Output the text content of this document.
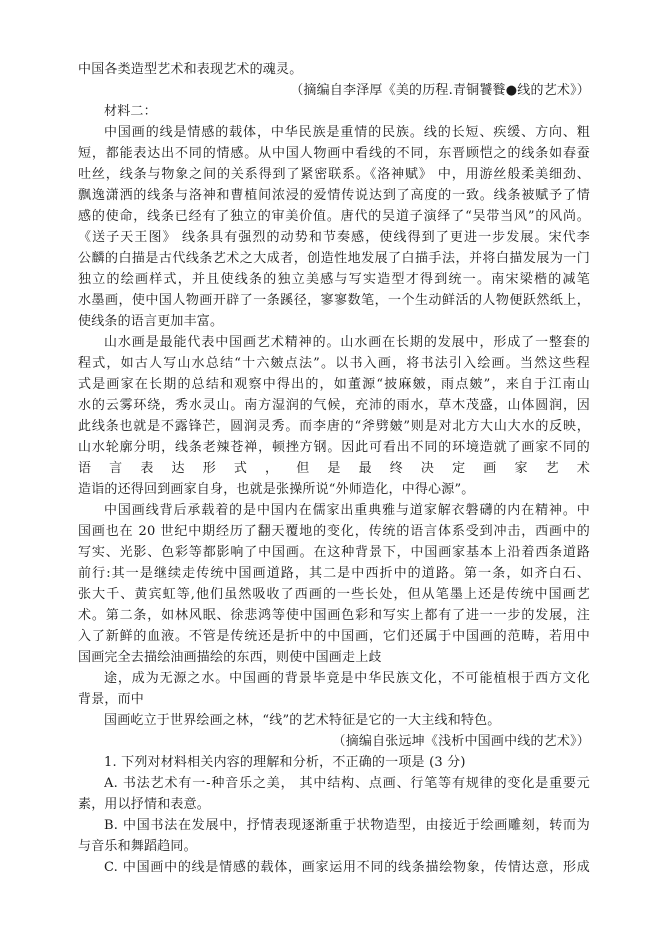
中国各类造型艺术和表现艺术的魂灵。
（摘编自李泽厚《美的历程.青铜饕餮●线的艺术》）
材料二：
中国画的线是情感的载体，中华民族是重情的民族。线的长短、疾缓、方向、粗
短，都能表达出不同的情感。从中国人物画中看线的不同，东晋顾恺之的线条如春蚕
吐丝，线条与物象之间的关系得到了紧密联系。《洛神赋》 中，用游丝般柔美细劲、
飘逸潇洒的线条与洛神和曹植间浓浸的爱情传说达到了高度的一致。线条被赋予了情
感的使命，线条已经有了独立的审美价值。唐代的吴道子演绎了“吴带当风”的风尚。
《送子天王图》 线条具有强烈的动势和节奏感，使线得到了更进一步发展。宋代李
公麟的白描是古代线条艺术之大成者，创造性地发展了白描手法，并将白描发展为一门
独立的绘画样式，并且使线条的独立美感与写实造型才得到统一。南宋梁楷的减笔
水墨画，使中国人物画开辟了一条蹊径，寥寥数笔，一个生动鲜活的人物便跃然纸上，
使线条的语言更加丰富。
山水画是最能代表中国画艺术精神的。山水画在长期的发展中，形成了一整套的
程式，如古人写山水总结“十六皴点法”。以书入画，将书法引入绘画。当然这些程
式是画家在长期的总结和观察中得出的，如董源“披麻皴，雨点皴”，来自于江南山
水的云雾环绕，秀水灵山。南方湿润的气候，充沛的雨水，草木茂盛，山体圆润，因
此线条也就是不露锋芒，圆润灵秀。而李唐的“斧劈皴”则是对北方大山大水的反映，
山水轮廓分明，线条老辣苍禅，顿挫方钢。因此可看出不同的环境造就了画家不同的
语言表达形式，但是最终决定画家艺术
造诣的还得回到画家自身，也就是张操所说“外师造化，中得心源”。
中国画线背后承载着的是中国内在儒家出重典雅与道家解衣磐礴的内在精神。中
国画也在 20 世纪中期经历了翻天覆地的变化，传统的语言体系受到冲击，西画中的
写实、光影、色彩等都影响了中国画。在这种背景下，中国画家基本上沿着西条道路
前行:其一是继续走传统中国画道路，其二是中西折中的道路。第一条，如齐白石、
张大千、黄宾虹等,他们虽然吸收了西画的一些长处，但从笔墨上还是传统中国画艺
术。第二条，如林风眠、徐悲鸿等使中国画色彩和写实上都有了进一一步的发展，注
入了新鲜的血液。不管是传统还是折中的中国画，它们还属于中国画的范畴，若用中
国画完全去描绘油画描绘的东西，则使中国画走上歧
途，成为无源之水。中国画的背景毕竟是中华民族文化，不可能植根于西方文化
背景，而中
国画屹立于世界绘画之林，“线”的艺术特征是它的一大主线和特色。
（摘编自张远坤《浅析中国画中线的艺术》）
1. 下列对材料相关内容的理解和分析，不正确的一项是 (3 分)
A. 书法艺术有一-种音乐之美， 其中结构、点画、行笔等有规律的变化是重要元
素，用以抒情和表意。
B. 中国书法在发展中，抒情表现逐渐重于状物造型，由接近于绘画雕刻，转而为
与音乐和舞蹈趋同。
C. 中国画中的线是情感的载体，画家运用不同的线条描绘物象，传情达意，形成
